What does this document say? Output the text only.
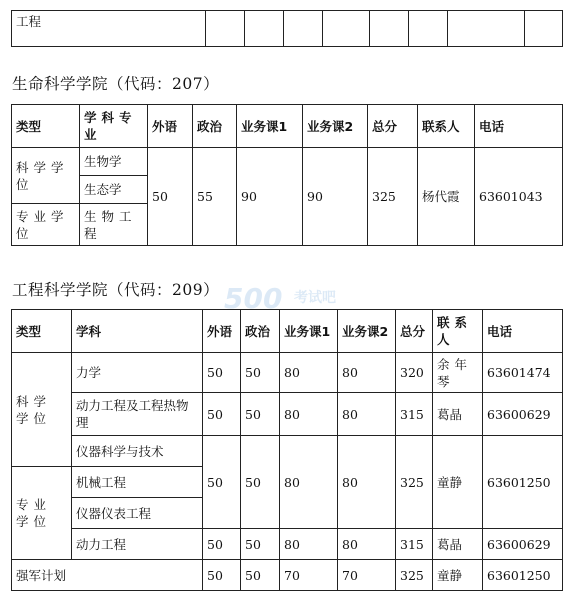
工程								
生命科学学院（代码：207）
类型	学科专业	外语	政治	业务课1	业务课2	总分	联系人	电话
科学学位	生物学	50	55	90	90	325	杨代霞	63601043
	生态学							
专业学位	生物工程							
工程科学学院（代码：209） 500 考试吧
类型	学科	外语	政治	业务课1	业务课2	总分	联系人	电话
科学学位	力学	50	50	80	80	320	余年琴	63601474
	动力工程及工程热物理	50	50	80	80	315	葛晶	63600629
	仪器科学与技术	50	50	80	80	325	童静	63601250
专业学位	机械工程							
	仪器仪表工程							
	动力工程	50	50	80	80	315	葛晶	63600629
强军计划		50	50	70	70	325	童静	63601250
